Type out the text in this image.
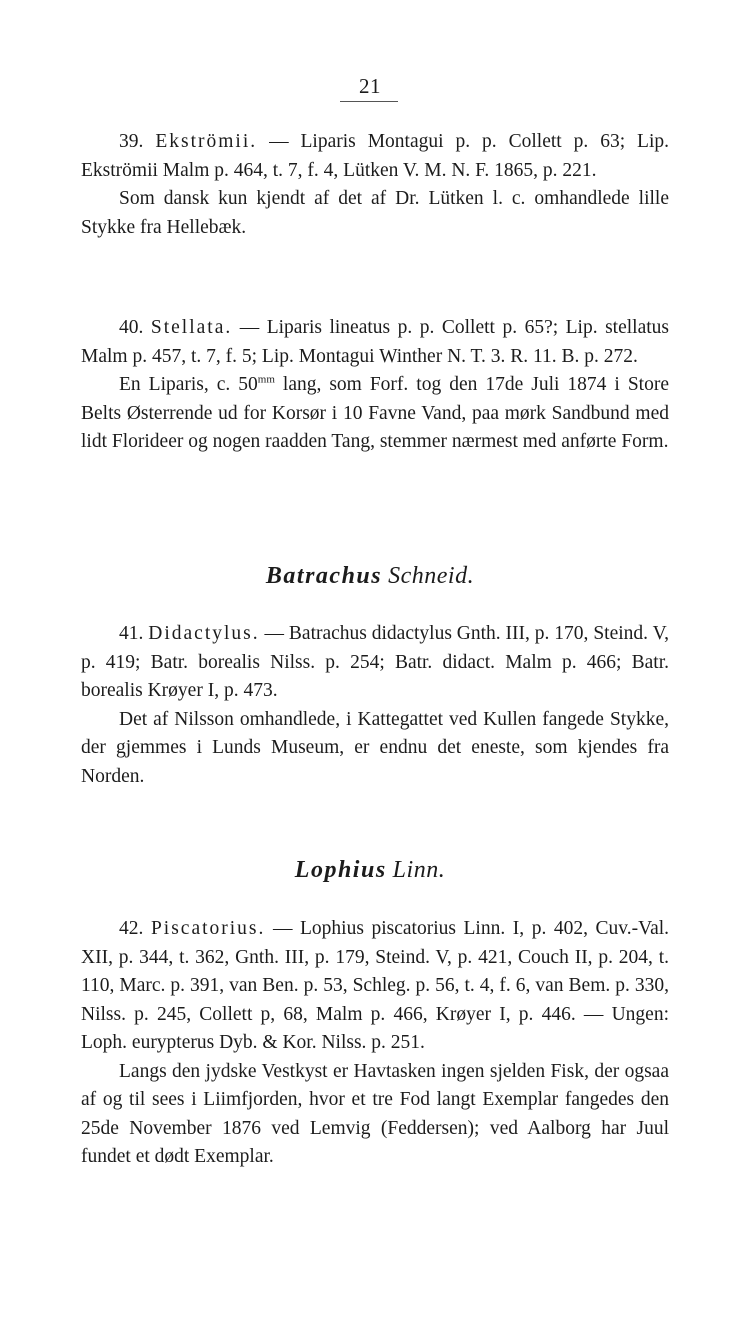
21

39. Ekströmii. — Liparis Montagui p. p. Collett p. 63; Lip. Ekströmii Malm p. 464, t. 7, f. 4, Lütken V. M. N. F. 1865, p. 221.

Som dansk kun kjendt af det af Dr. Lütken l. c. omhandlede lille Stykke fra Hellebæk.

40. Stellata. — Liparis lineatus p. p. Collett p. 65?; Lip. stellatus Malm p. 457, t. 7, f. 5; Lip. Montagui Winther N. T. 3. R. 11. B. p. 272.

En Liparis, c. $50^{mm}$ lang, som Forf. tog den 17de Juli 1874 i Store Belts Østerrende ud for Korsør i 10 Favne Vand, paa mørk Sandbund med lidt Florideer og nogen raadden Tang, stemmer nærmest med anførte Form.

Batrachus Schneid.

41. Didactylus. — Batrachus didactylus Gnth. III, p. 170, Steind. V, p. 419; Batr. borealis Nilss. p. 254; Batr. didact. Malm p. 466; Batr. borealis Krøyer I, p. 473.

Det af Nilsson omhandlede, i Kattegattet ved Kullen fangede Stykke, der gjemmes i Lunds Museum, er endnu det eneste, som kjendes fra Norden.

Lophius Linn.

42. Piscatorius. — Lophius piscatorius Linn. I, p. 402, Cuv.-Val. XII, p. 344, t. 362, Gnth. III, p. 179, Steind. V, p. 421, Couch II, p. 204, t. 110, Marc. p. 391, van Ben. p. 53, Schleg. p. 56, t. 4, f. 6, van Bem. p. 330, Nilss. p. 245, Collett p, 68, Malm p. 466, Krøyer I, p. 446. — Ungen: Loph. eurypterus Dyb. & Kor. Nilss. p. 251.

Langs den jydske Vestkyst er Havtasken ingen sjelden Fisk, der ogsaa af og til sees i Liimfjorden, hvor et tre Fod langt Exemplar fangedes den 25de November 1876 ved Lemvig (Feddersen); ved Aalborg har Juul fundet et dødt Exemplar.
